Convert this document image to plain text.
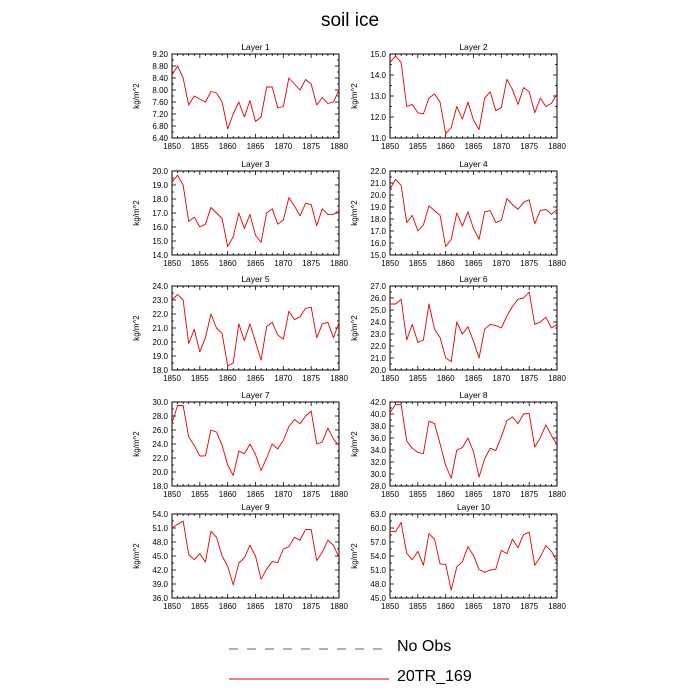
soil ice
1850 1855 1860 1865 1870 1875 1880
6.40
6.80
7.20
7.60
8.00
8.40
8.80
9.20
Layer 1
kg/m^2
1850 1855 1860 1865 1870 1875 1880
11.0
12.0
13.0
14.0
15.0
Layer 2
kg/m^2
1850 1855 1860 1865 1870 1875 1880
14.0
15.0
16.0
17.0
18.0
19.0
20.0
Layer 3
kg/m^2
1850 1855 1860 1865 1870 1875 1880
15.0
16.0
17.0
18.0
19.0
20.0
21.0
22.0
Layer 4
kg/m^2
1850 1855 1860 1865 1870 1875 1880
18.0
19.0
20.0
21.0
22.0
23.0
24.0
Layer 5
kg/m^2
1850 1855 1860 1865 1870 1875 1880
20.0
21.0
22.0
23.0
24.0
25.0
26.0
27.0
Layer 6
kg/m^2
1850 1855 1860 1865 1870 1875 1880
18.0
20.0
22.0
24.0
26.0
28.0
30.0
Layer 7
kg/m^2
1850 1855 1860 1865 1870 1875 1880
28.0
30.0
32.0
34.0
36.0
38.0
40.0
42.0
Layer 8
kg/m^2
1850 1855 1860 1865 1870 1875 1880
36.0
39.0
42.0
45.0
48.0
51.0
54.0
Layer 9
kg/m^2
1850 1855 1860 1865 1870 1875 1880
45.0
48.0
51.0
54.0
57.0
60.0
63.0
Layer 10
kg/m^2
No Obs
20TR_169
